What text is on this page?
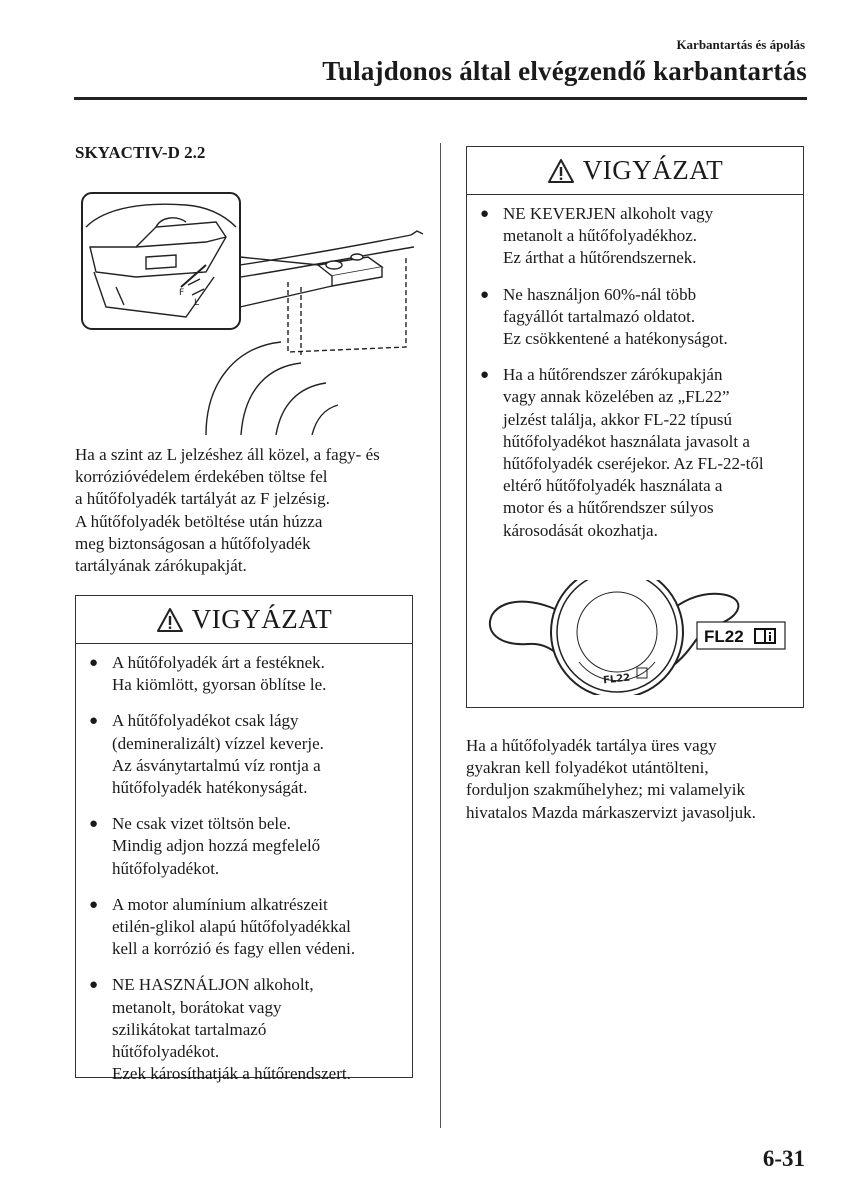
Karbantartás és ápolás
Tulajdonos által elvégzendő karbantartás
SKYACTIV-D 2.2
F
L
Ha a szint az L jelzéshez áll közel, a fagy- és
korrózióvédelem érdekében töltse fel
a hűtőfolyadék tartályát az F jelzésig.
A hűtőfolyadék betöltése után húzza
meg biztonságosan a hűtőfolyadék
tartályának zárókupakját.
VIGYÁZAT
● A hűtőfolyadék árt a festéknek.
Ha kiömlött, gyorsan öblítse le.
● A hűtőfolyadékot csak lágy
(demineralizált) vízzel keverje.
Az ásványtartalmú víz rontja a
hűtőfolyadék hatékonyságát.
● Ne csak vizet töltsön bele.
Mindig adjon hozzá megfelelő
hűtőfolyadékot.
● A motor alumínium alkatrészeit
etilén-glikol alapú hűtőfolyadékkal
kell a korrózió és fagy ellen védeni.
● NE HASZNÁLJON alkoholt,
metanolt, borátokat vagy
szilikátokat tartalmazó
hűtőfolyadékot.
Ezek károsíthatják a hűtőrendszert.
VIGYÁZAT
● NE KEVERJEN alkoholt vagy
metanolt a hűtőfolyadékhoz.
Ez árthat a hűtőrendszernek.
● Ne használjon 60%-nál több
fagyállót tartalmazó oldatot.
Ez csökkentené a hatékonyságot.
● Ha a hűtőrendszer zárókupakján
vagy annak közelében az „FL22”
jelzést találja, akkor FL-22 típusú
hűtőfolyadékot használata javasolt a
hűtőfolyadék cseréjekor. Az FL-22-től
eltérő hűtőfolyadék használata a
motor és a hűtőrendszer súlyos
károsodását okozhatja.
FL22
FL22
Ha a hűtőfolyadék tartálya üres vagy
gyakran kell folyadékot utántölteni,
forduljon szakműhelyhez; mi valamelyik
hivatalos Mazda márkaszervizt javasoljuk.
6-31
